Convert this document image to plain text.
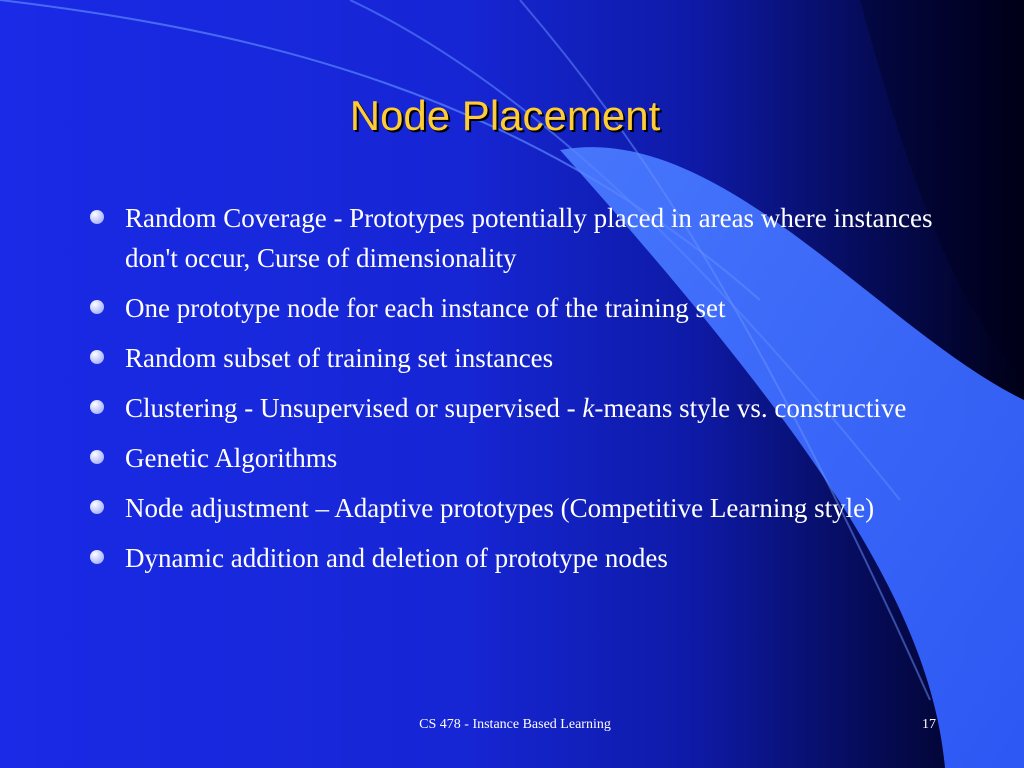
Node Placement
Random Coverage - Prototypes potentially placed in areas where instances don't occur, Curse of dimensionality
One prototype node for each instance of the training set
Random subset of training set instances
Clustering - Unsupervised or supervised - k-means style vs. constructive
Genetic Algorithms
Node adjustment – Adaptive prototypes (Competitive Learning style)
Dynamic addition and deletion of prototype nodes
CS 478 - Instance Based Learning	17
